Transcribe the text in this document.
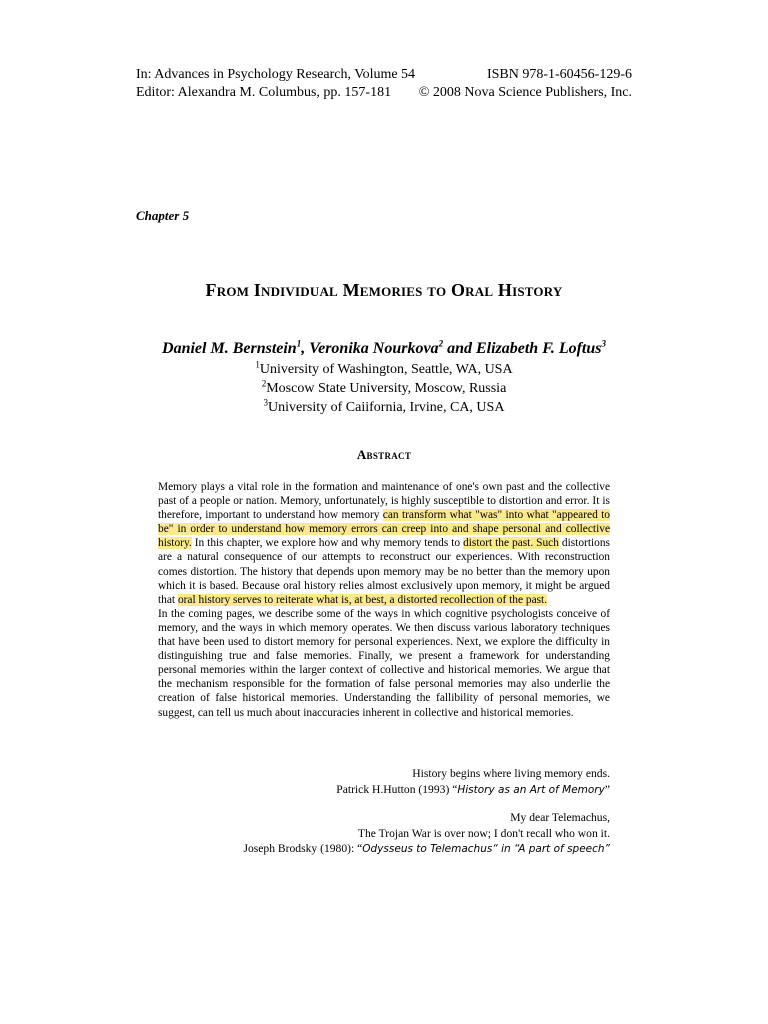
In: Advances in Psychology Research, Volume 54
Editor: Alexandra M. Columbus, pp. 157-181
ISBN 978-1-60456-129-6
© 2008 Nova Science Publishers, Inc.
Chapter 5
From Individual Memories to Oral History
Daniel M. Bernstein$^1$, Veronika Nourkova$^2$ and Elizabeth F. Loftus$^3$
$^1$University of Washington, Seattle, WA, USA
$^2$Moscow State University, Moscow, Russia
$^3$University of Caiifornia, Irvine, CA, USA
Abstract

Memory plays a vital role in the formation and maintenance of one's own past and the collective past of a people or nation. Memory, unfortunately, is highly susceptible to distortion and error. It is therefore, important to understand how memory can transform what "was" into what "appeared to be" in order to understand how memory errors can creep into and shape personal and collective history. In this chapter, we explore how and why memory tends to distort the past. Such distortions are a natural consequence of our attempts to reconstruct our experiences. With reconstruction comes distortion. The history that depends upon memory may be no better than the memory upon which it is based. Because oral history relies almost exclusively upon memory, it might be argued that oral history serves to reiterate what is, at best, a distorted recollection of the past.

In the coming pages, we describe some of the ways in which cognitive psychologists conceive of memory, and the ways in which memory operates. We then discuss various laboratory techniques that have been used to distort memory for personal experiences. Next, we explore the difficulty in distinguishing true and false memories. Finally, we present a framework for understanding personal memories within the larger context of collective and historical memories. We argue that the mechanism responsible for the formation of false personal memories may also underlie the creation of false historical memories. Understanding the fallibility of personal memories, we suggest, can tell us much about inaccuracies inherent in collective and historical memories.

History begins where living memory ends.
Patrick H.Hutton (1993) “History as an Art of Memory”
My dear Telemachus,
The Trojan War is over now; I don't recall who won it.
Joseph Brodsky (1980): “Odysseus to Telemachus“ in “A part of speech”
